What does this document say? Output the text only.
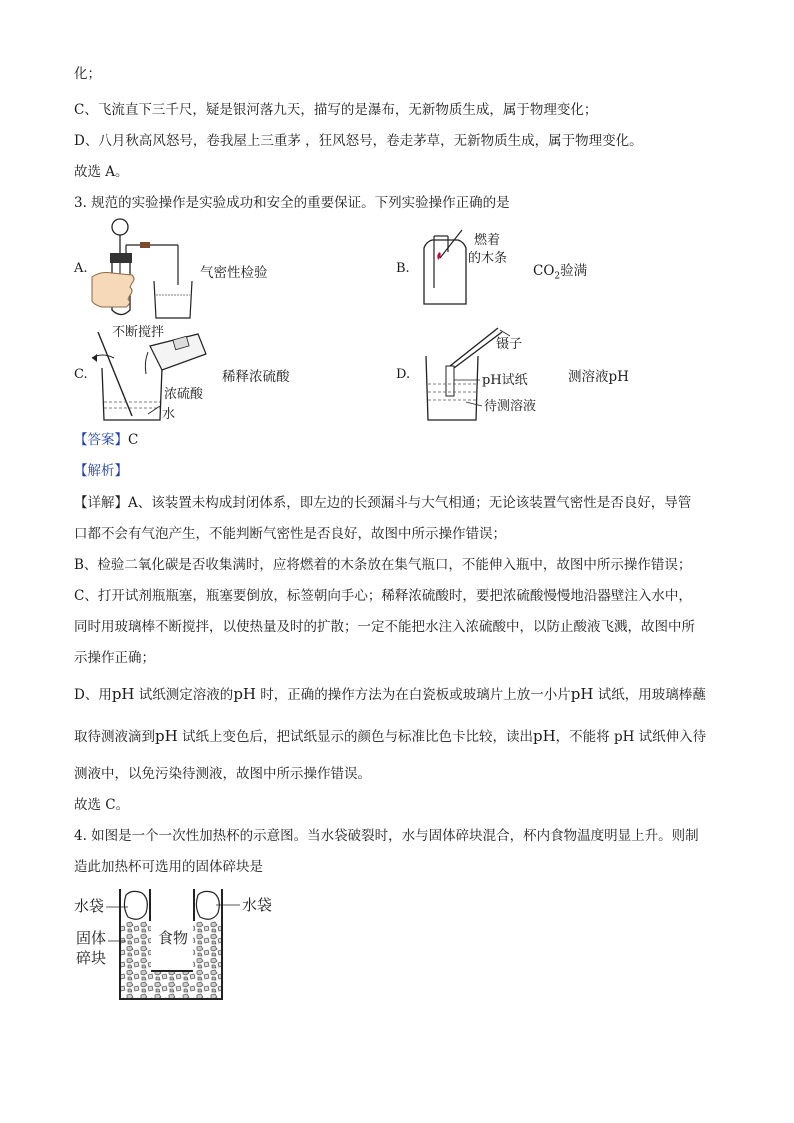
化；
C、飞流直下三千尺，疑是银河落九天，描写的是瀑布，无新物质生成，属于物理变化；
D、八月秋高风怒号，卷我屋上三重茅 ，狂风怒号，卷走茅草，无新物质生成，属于物理变化。
故选 A。
3. 规范的实验操作是实验成功和安全的重要保证。下列实验操作正确的是
A.	气密性检验	B.	$CO_2$验满
C.	稀释浓硫酸	D.	测溶液pH
燃着
的木条
不断搅拌
浓硫酸
水
镊子
pH试纸
待测溶液
【答案】C
【解析】
【详解】A、该装置未构成封闭体系，即左边的长颈漏斗与大气相通；无论该装置气密性是否良好，导管
口都不会有气泡产生，不能判断气密性是否良好，故图中所示操作错误；
B、检验二氧化碳是否收集满时，应将燃着的木条放在集气瓶口，不能伸入瓶中，故图中所示操作错误；
C、打开试剂瓶瓶塞，瓶塞要倒放，标签朝向手心；稀释浓硫酸时，要把浓硫酸慢慢地沿器壁注入水中，
同时用玻璃棒不断搅拌，以使热量及时的扩散；一定不能把水注入浓硫酸中，以防止酸液飞溅，故图中所
示操作正确；
D、用pH 试纸测定溶液的pH 时，正确的操作方法为在白瓷板或玻璃片上放一小片pH 试纸，用玻璃棒蘸
取待测液滴到pH 试纸上变色后，把试纸显示的颜色与标准比色卡比较，读出pH，不能将 pH 试纸伸入待
测液中，以免污染待测液，故图中所示操作错误。
故选 C。
4. 如图是一个一次性加热杯的示意图。当水袋破裂时，水与固体碎块混合，杯内食物温度明显上升。则制
造此加热杯可选用的固体碎块是
水袋	水袋
食物
固体
碎块
